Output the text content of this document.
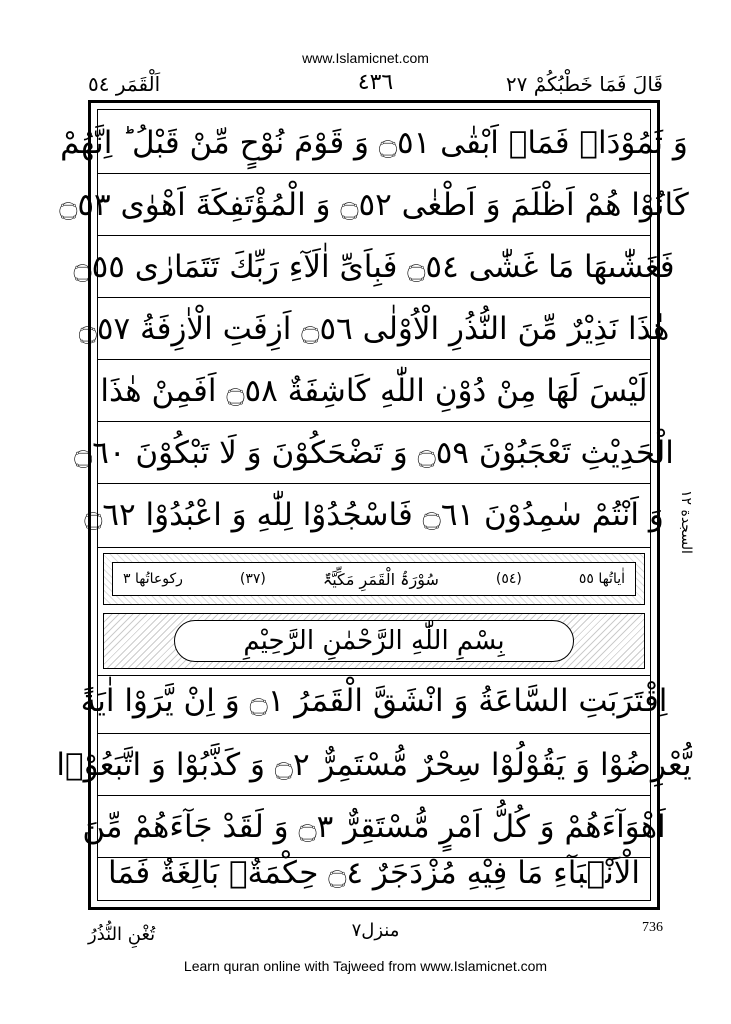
www.Islamicnet.com
قَالَ فَمَا خَطْبُكُمْ ٢٧
٤٣٦
اَلْقَمَر ٥٤
وَ ثَمُوْدَا۟ فَمَاۤ اَبْقٰى ۝٥١ وَ قَوْمَ نُوْحٍ مِّنْ قَبْلُ ؕ اِنَّهُمْ
كَانُوْا هُمْ اَظْلَمَ وَ اَطْغٰى ۝٥٢ وَ الْمُؤْتَفِكَةَ اَهْوٰى ۝٥٣
فَغَشّٰىهَا مَا غَشّٰى ۝٥٤ فَبِاَیِّ اٰلَآءِ رَبِّكَ تَتَمَارٰى ۝٥٥
هٰذَا نَذِیْرٌ مِّنَ النُّذُرِ الْاُوْلٰى ۝٥٦ اَزِفَتِ الْاٰزِفَةُ ۝٥٧
لَیْسَ لَهَا مِنْ دُوْنِ اللّٰهِ كَاشِفَةٌ ۝٥٨ اَفَمِنْ هٰذَا
الْحَدِیْثِ تَعْجَبُوْنَ ۝٥٩ وَ تَضْحَكُوْنَ وَ لَا تَبْكُوْنَ ۝٦٠
وَ اَنْتُمْ سٰمِدُوْنَ ۝٦١ فَاسْجُدُوْا لِلّٰهِ وَ اعْبُدُوْا ۝٦٢
اٰیاتُها ٥٥
(٥٤)
سُوْرَۃُ الْقَمَرِ مَکِّيَّۃٌ
(٣٧)
رکوعاتُها ٣
بِسْمِ اللّٰهِ الرَّحْمٰنِ الرَّحِیْمِ
اِقْتَرَبَتِ السَّاعَةُ وَ انْشَقَّ الْقَمَرُ ۝١ وَ اِنْ یَّرَوْا اٰیَةً
یُّعْرِضُوْا وَ یَقُوْلُوْا سِحْرٌ مُّسْتَمِرٌّ ۝٢ وَ كَذَّبُوْا وَ اتَّبَعُوْۤا
اَهْوَآءَهُمْ وَ كُلُّ اَمْرٍ مُّسْتَقِرٌّ ۝٣ وَ لَقَدْ جَآءَهُمْ مِّنَ
الْاَنْۢبَآءِ مَا فِیْهِ مُزْدَجَرٌ ۝٤ حِكْمَةٌۢ بَالِغَةٌ فَمَا
السجدة ١٢
736
منزل٧
تُغْنِ النُّذُرُ
Learn quran online with Tajweed from www.Islamicnet.com
